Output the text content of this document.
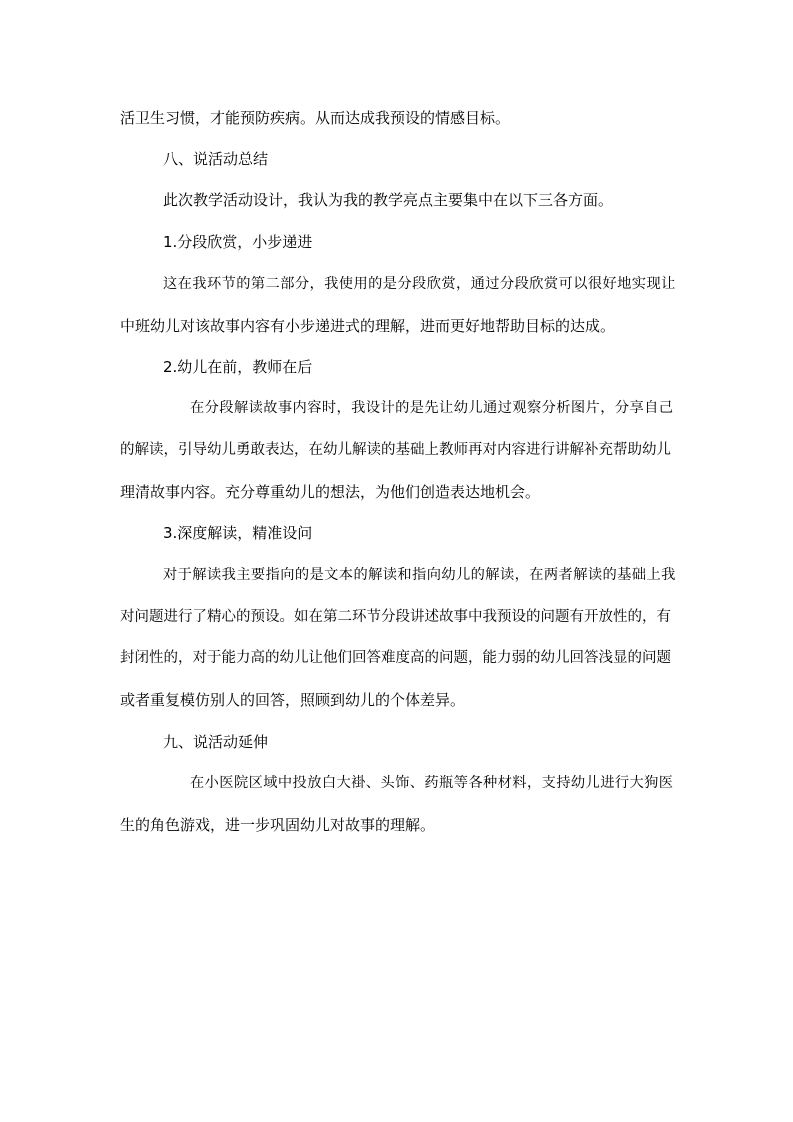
活卫生习惯，才能预防疾病。从而达成我预设的情感目标。
八、说活动总结
此次教学活动设计，我认为我的教学亮点主要集中在以下三各方面。
1.分段欣赏，小步递进
这在我环节的第二部分，我使用的是分段欣赏，通过分段欣赏可以很好地实现让
中班幼儿对该故事内容有小步递进式的理解，进而更好地帮助目标的达成。
2.幼儿在前，教师在后
在分段解读故事内容时，我设计的是先让幼儿通过观察分析图片，分享自己
的解读，引导幼儿勇敢表达，在幼儿解读的基础上教师再对内容进行讲解补充帮助幼儿
理清故事内容。充分尊重幼儿的想法，为他们创造表达地机会。
3.深度解读，精准设问
对于解读我主要指向的是文本的解读和指向幼儿的解读，在两者解读的基础上我
对问题进行了精心的预设。如在第二环节分段讲述故事中我预设的问题有开放性的，有
封闭性的，对于能力高的幼儿让他们回答难度高的问题，能力弱的幼儿回答浅显的问题
或者重复模仿别人的回答，照顾到幼儿的个体差异。
九、说活动延伸
在小医院区域中投放白大褂、头饰、药瓶等各种材料，支持幼儿进行大狗医
生的角色游戏，进一步巩固幼儿对故事的理解。
